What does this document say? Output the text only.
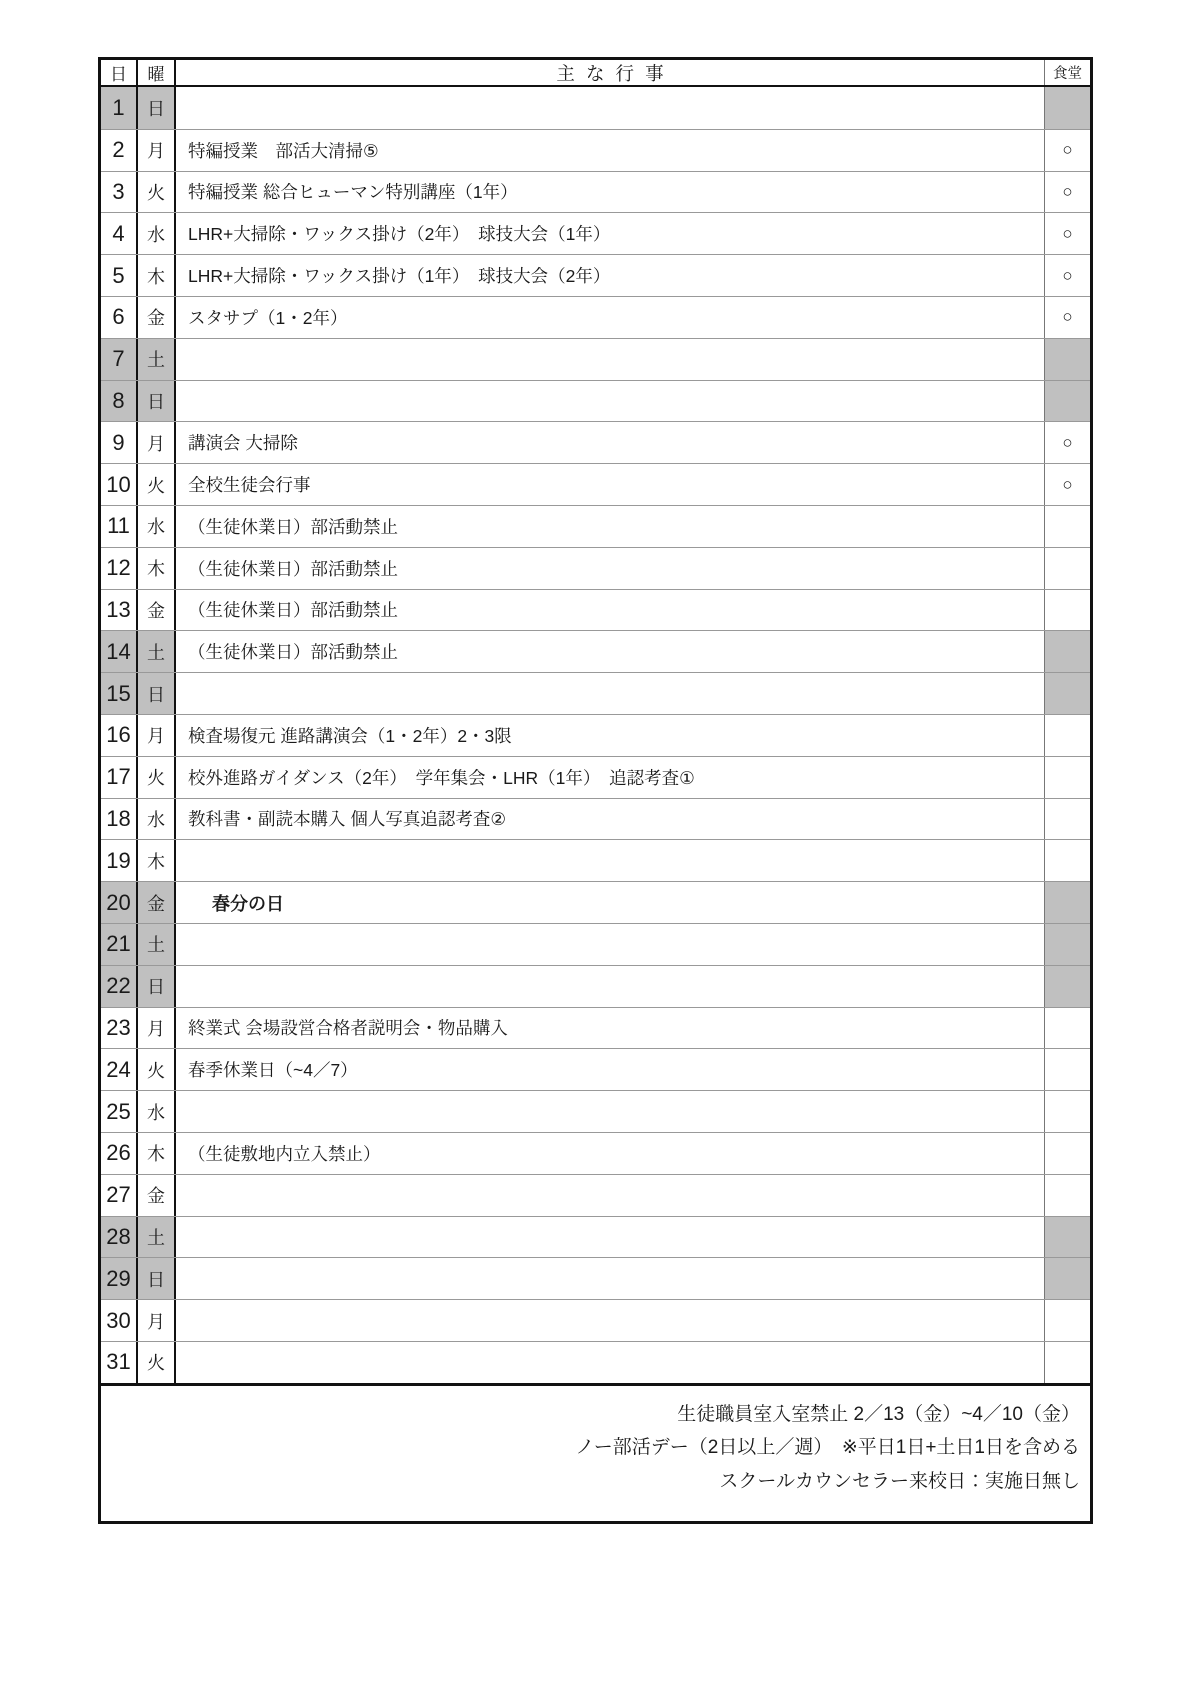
日	曜	主な行事	食堂
1	日
2	月	特編授業　部活大清掃⑤	○
3	火	特編授業 総合ヒューマン特別講座（1年）	○
4	水	LHR+大掃除・ワックス掛け（2年）　球技大会（1年）	○
5	木	LHR+大掃除・ワックス掛け（1年）　球技大会（2年）	○
6	金	スタサプ（1・2年）	○
7	土
8	日
9	月	講演会 大掃除	○
10 火	全校生徒会行事	○
11 水	（生徒休業日）部活動禁止
12 木	（生徒休業日）部活動禁止
13 金	（生徒休業日）部活動禁止
14 土	（生徒休業日）部活動禁止
15 日
16 月	検査場復元 進路講演会（1・2年）2・3限
17 火	校外進路ガイダンス（2年）　学年集会・LHR（1年）　追認考査①
18 水	教科書・副読本購入 個人写真追認考査②
19 木
20 金	春分の日
21 土
22 日
23 月	終業式 会場設営合格者説明会・物品購入
24 火	春季休業日（~4／7）
25 水
26 木	（生徒敷地内立入禁止）
27 金
28 土
29 日
30 月
31 火
生徒職員室入室禁止 2／13（金）~4／10（金）
ノー部活デー（2日以上／週）　※平日1日+土日1日を含める
スクールカウンセラー来校日：実施日無し
